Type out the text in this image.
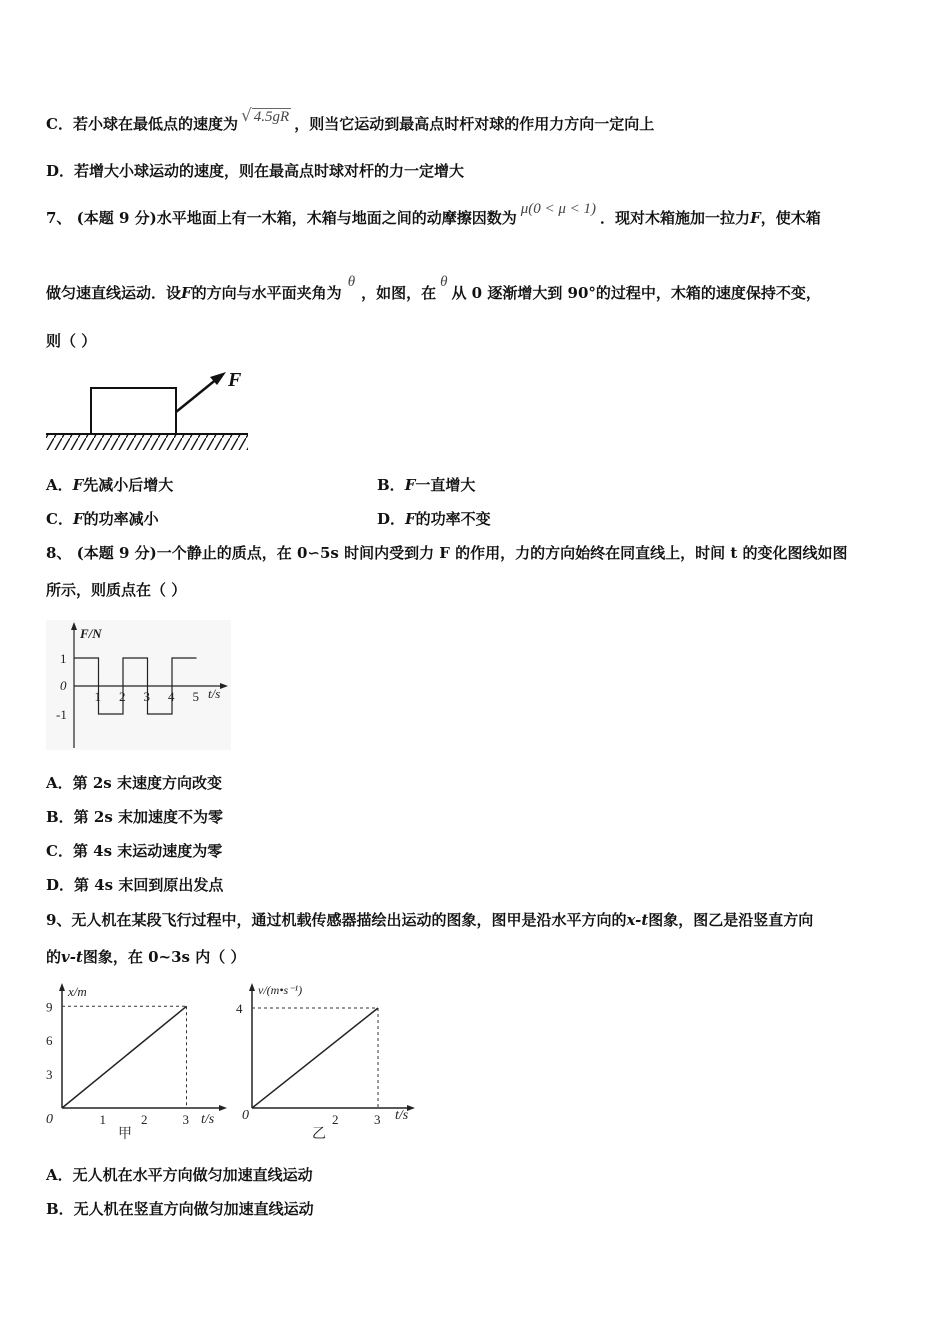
C．若小球在最低点的速度为 √ 4.5gR ，则当它运动到最高点时杆对球的作用力方向一定向上
D．若增大小球运动的速度，则在最高点时球对杆的力一定增大
7、 (本题 9 分)水平地面上有一木箱，木箱与地面之间的动摩擦因数为 μ(0 < μ < 1) ．现对木箱施加一拉力F，使木箱
做匀速直线运动．设F的方向与水平面夹角为θ，如图，在θ从 0 逐渐增大到 90°的过程中，木箱的速度保持不变，
则（ ）
F
A．F先减小后增大	B．F一直增大
C．F的功率减小	D．F的功率不变
8、 (本题 9 分)一个静止的质点，在 0∽5s 时间内受到力 F 的作用，力的方向始终在同直线上，时间 t 的变化图线如图
所示，则质点在（ ）
F/N
t/s
0
1 2 3 4 5
1
-1
A．第 2s 末速度方向改变
B．第 2s 末加速度不为零
C．第 4s 末运动速度为零
D．第 4s 末回到原出发点
9、无人机在某段飞行过程中，通过机载传感器描绘出运动的图象，图甲是沿水平方向的x-t图象，图乙是沿竖直方向
的v-t图象，在 0~3s 内（ ）
x/m
t/s
0
甲
1	2	3
3
6
9
v/(m•s⁻¹)
t/s
0
乙
2	3
4
A．无人机在水平方向做匀加速直线运动
B．无人机在竖直方向做匀加速直线运动
